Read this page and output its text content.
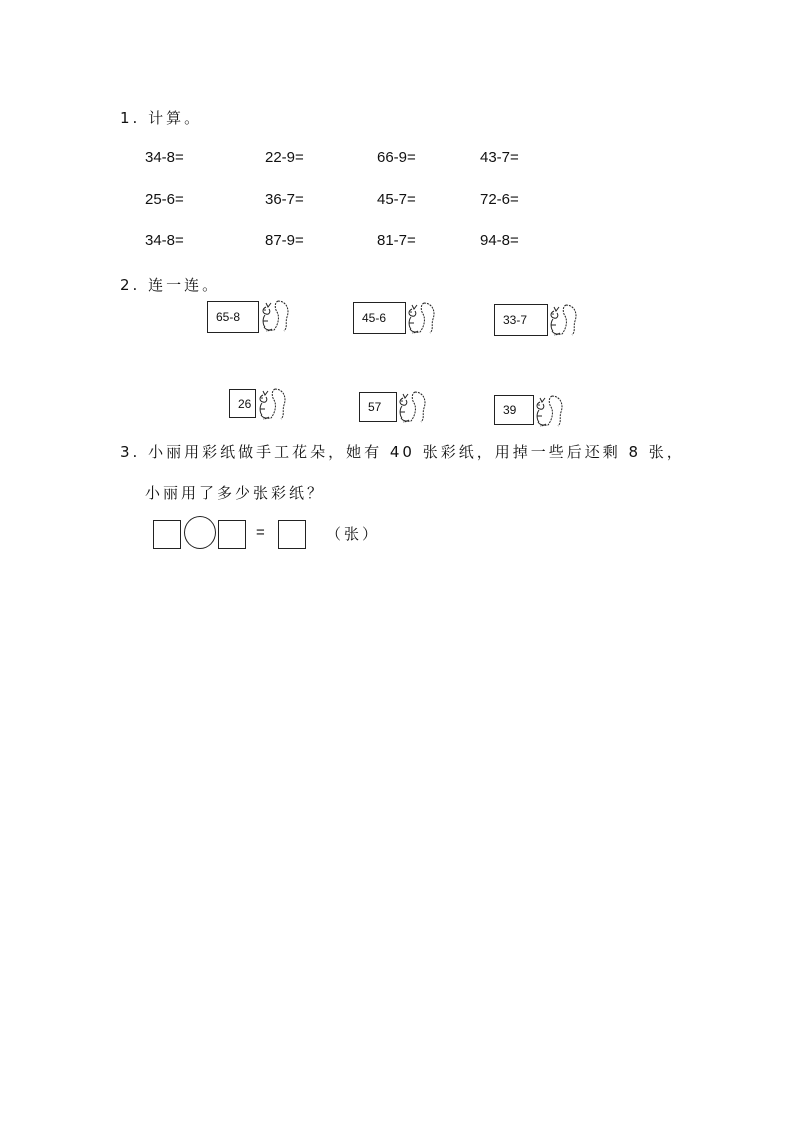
1. 计算。
34-8=	22-9=	66-9=	43-7=
25-6=	36-7=	45-7=	72-6=
34-8=	87-9=	81-7=	94-8=
2. 连一连。
65-8	45-6	33-7
26	57	39
3. 小丽用彩纸做手工花朵，她有 40 张彩纸，用掉一些后还剩 8 张，
小丽用了多少张彩纸？
=	（张）
